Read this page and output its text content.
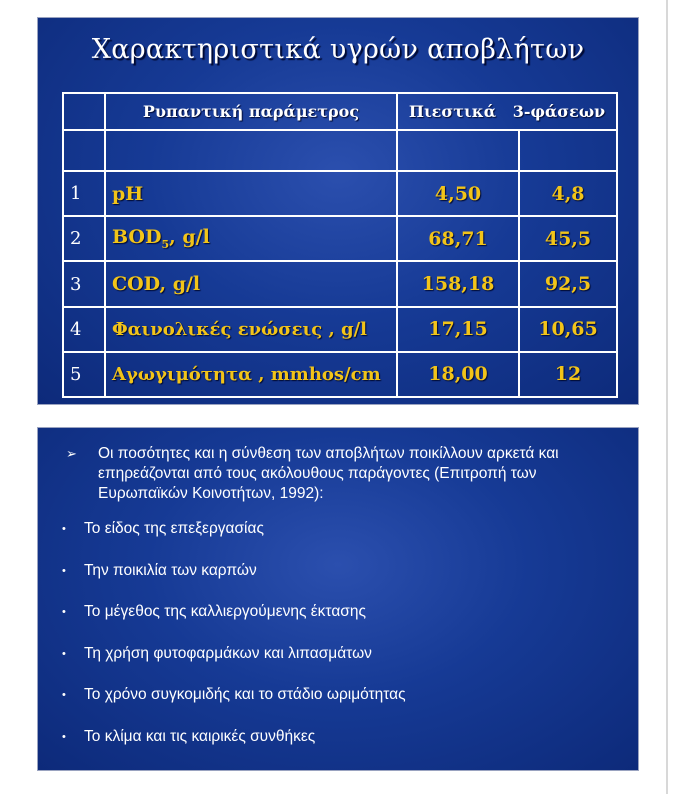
Χαρακτηριστικά υγρών αποβλήτων
	Ρυπαντική παράμετρος	Πιεστικά 3-φάσεων	

1	pH	4,50	4,8
2	$BOD_5$, g/l	68,71	45,5
3	COD, g/l	158,18	92,5
4	Φαινολικές ενώσεις , g/l	17,15	10,65
5	Αγωγιμότητα , mmhos/cm	18,00	12
➢ Οι ποσότητες και η σύνθεση των αποβλήτων ποικίλλουν αρκετά και επηρεάζονται από τους ακόλουθους παράγοντες (Επιτροπή των Ευρωπαϊκών Κοινοτήτων, 1992):
•	Το είδος της επεξεργασίας
•	Την ποικιλία των καρπών
•	Το μέγεθος της καλλιεργούμενης έκτασης
•	Τη χρήση φυτοφαρμάκων και λιπασμάτων
•	Το χρόνο συγκομιδής και το στάδιο ωριμότητας
•	Το κλίμα και τις καιρικές συνθήκες
